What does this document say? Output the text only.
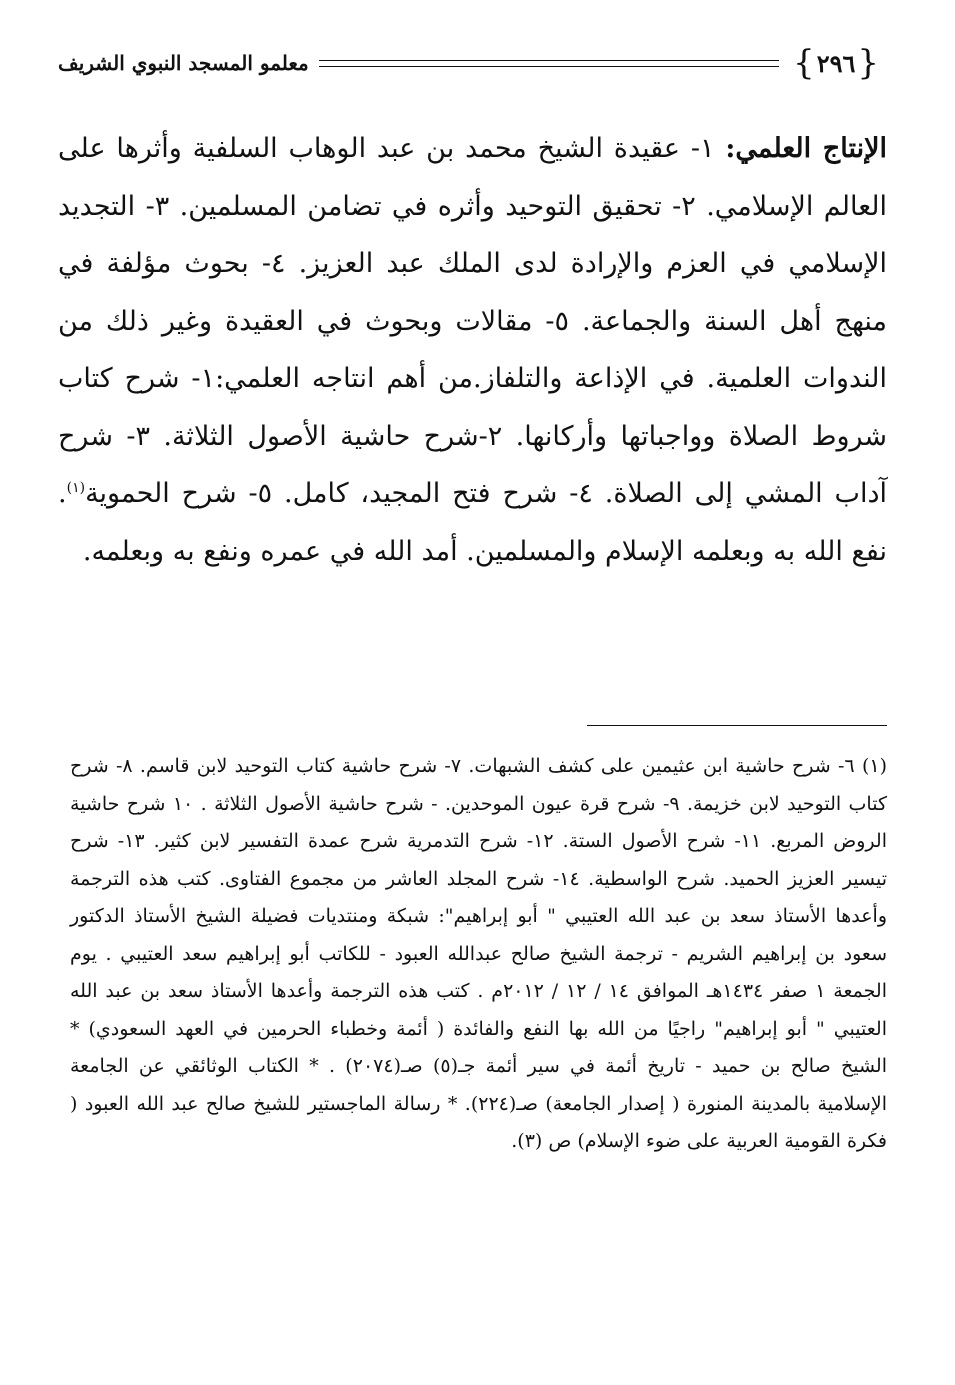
{
٢٩٦
}
معلمو المسجد النبوي الشريف
الإنتاج العلمي: ١- عقيدة الشيخ محمد بن عبد الوهاب السلفية وأثرها على العالم الإسلامي. ٢- تحقيق التوحيد وأثره في تضامن المسلمين. ٣- التجديد الإسلامي في العزم والإرادة لدى الملك عبد العزيز. ٤- بحوث مؤلفة في منهج أهل السنة والجماعة. ٥- مقالات وبحوث في العقيدة وغير ذلك من الندوات العلمية. في الإذاعة والتلفاز.من أهم انتاجه العلمي:١- شرح كتاب شروط الصلاة وواجباتها وأركانها. ٢-شرح حاشية الأصول الثلاثة. ٣- شرح آداب المشي إلى الصلاة. ٤- شرح فتح المجيد، كامل. ٥- شرح الحموية$^{(١)}$. نفع الله به وبعلمه الإسلام والمسلمين. أمد الله في عمره ونفع به وبعلمه.
(١) ٦- شرح حاشية ابن عثيمين على كشف الشبهات. ٧- شرح حاشية كتاب التوحيد لابن قاسم. ٨- شرح كتاب التوحيد لابن خزيمة. ٩- شرح قرة عيون الموحدين. - شرح حاشية الأصول الثلاثة . ١٠ شرح حاشية الروض المربع. ١١- شرح الأصول الستة. ١٢- شرح التدمرية شرح عمدة التفسير لابن كثير. ١٣- شرح تيسير العزيز الحميد. شرح الواسطية. ١٤- شرح المجلد العاشر من مجموع الفتاوى. كتب هذه الترجمة وأعدها الأستاذ سعد بن عبد الله العتيبي " أبو إبراهيم": شبكة ومنتديات فضيلة الشيخ الأستاذ الدكتور سعود بن إبراهيم الشريم - ترجمة الشيخ صالح عبدالله العبود - للكاتب أبو إبراهيم سعد العتيبي . يوم الجمعة ١ صفر ١٤٣٤هـ الموافق ١٤ / ١٢ / ٢٠١٢م . كتب هذه الترجمة وأعدها الأستاذ سعد بن عبد الله العتيبي " أبو إبراهيم" راجيًا من الله بها النفع والفائدة ( أئمة وخطباء الحرمين في العهد السعودي) * الشيخ صالح بن حميد - تاريخ أئمة في سير أئمة جـ(٥) صـ(٢٠٧٤) . * الكتاب الوثائقي عن الجامعة الإسلامية بالمدينة المنورة ( إصدار الجامعة) صـ(٢٢٤). * رسالة الماجستير للشيخ صالح عبد الله العبود ( فكرة القومية العربية على ضوء الإسلام) ص (٣).
